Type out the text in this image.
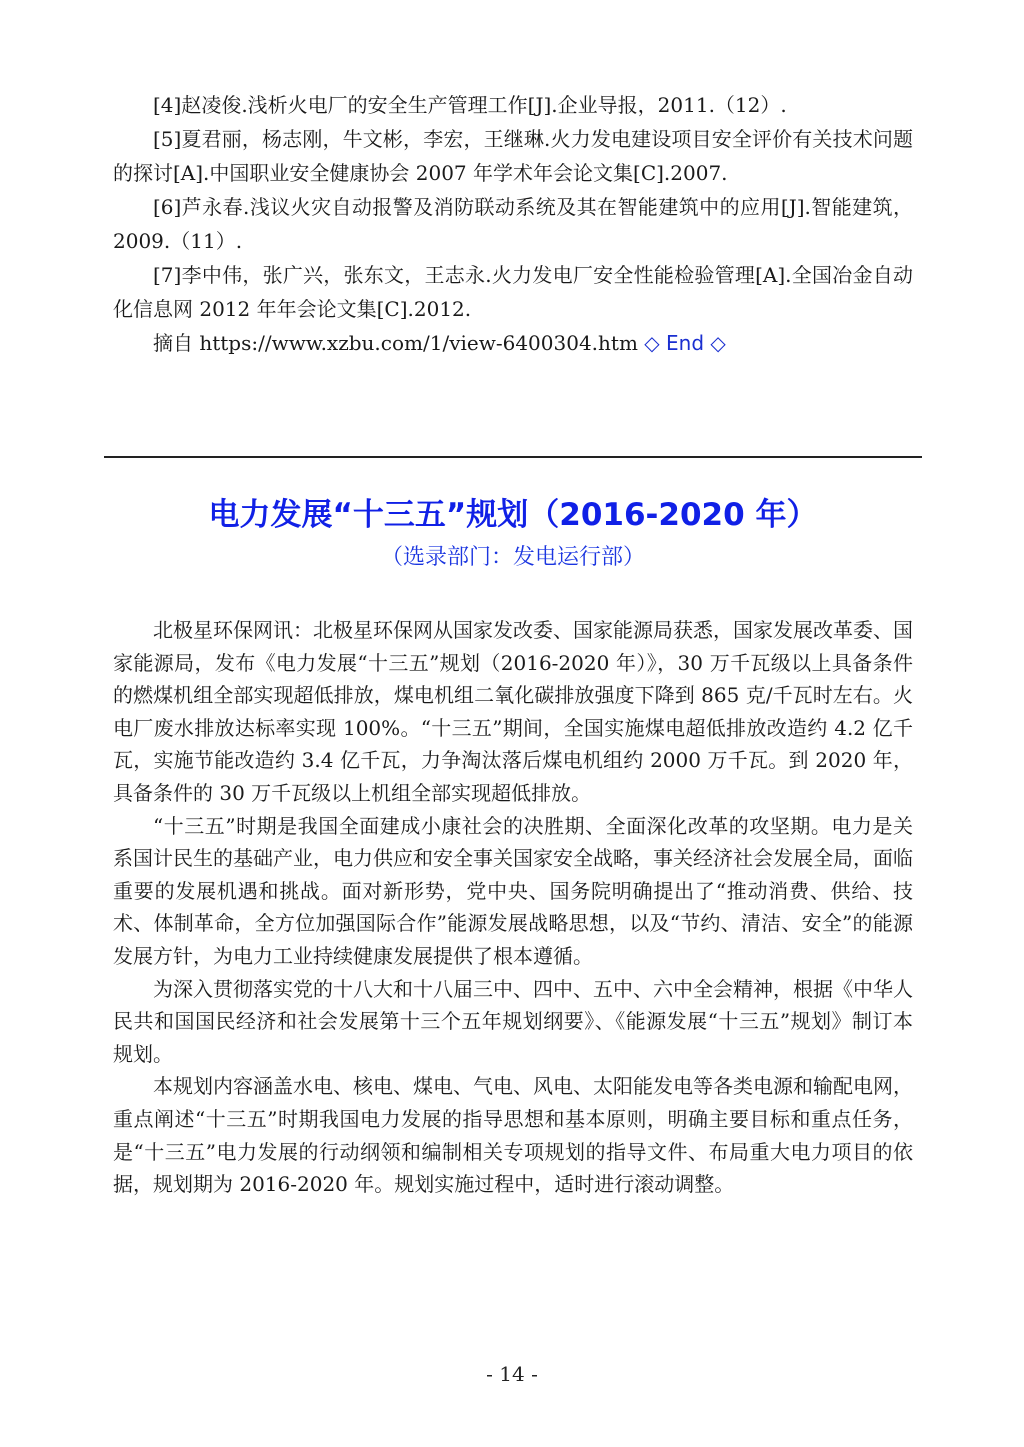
[4]赵凌俊.浅析火电厂的安全生产管理工作[J].企业导报，2011.（12）.

[5]夏君丽，杨志刚，牛文彬，李宏，王继琳.火力发电建设项目安全评价有关技术问题的探讨[A].中国职业安全健康协会 2007 年学术年会论文集[C].2007.

[6]芦永春.浅议火灾自动报警及消防联动系统及其在智能建筑中的应用[J].智能建筑，2009.（11）.

[7]李中伟，张广兴，张东文，王志永.火力发电厂安全性能检验管理[A].全国冶金自动化信息网 2012 年年会论文集[C].2012.

摘自 https://www.xzbu.com/1/view-6400304.htm ◇ End ◇

电力发展“十三五”规划（2016-2020 年）

（选录部门：发电运行部）

北极星环保网讯：北极星环保网从国家发改委、国家能源局获悉，国家发展改革委、国家能源局，发布《电力发展“十三五”规划（2016-2020 年）》，30 万千瓦级以上具备条件的燃煤机组全部实现超低排放，煤电机组二氧化碳排放强度下降到 865 克/千瓦时左右。火电厂废水排放达标率实现 100%。“十三五”期间，全国实施煤电超低排放改造约 4.2 亿千瓦，实施节能改造约 3.4 亿千瓦，力争淘汰落后煤电机组约 2000 万千瓦。到 2020 年，具备条件的 30 万千瓦级以上机组全部实现超低排放。

“十三五”时期是我国全面建成小康社会的决胜期、全面深化改革的攻坚期。电力是关系国计民生的基础产业，电力供应和安全事关国家安全战略，事关经济社会发展全局，面临重要的发展机遇和挑战。面对新形势，党中央、国务院明确提出了“推动消费、供给、技术、体制革命，全方位加强国际合作”能源发展战略思想，以及“节约、清洁、安全”的能源发展方针，为电力工业持续健康发展提供了根本遵循。

为深入贯彻落实党的十八大和十八届三中、四中、五中、六中全会精神，根据《中华人民共和国国民经济和社会发展第十三个五年规划纲要》、《能源发展“十三五”规划》制订本规划。

本规划内容涵盖水电、核电、煤电、气电、风电、太阳能发电等各类电源和输配电网，重点阐述“十三五”时期我国电力发展的指导思想和基本原则，明确主要目标和重点任务，是“十三五”电力发展的行动纲领和编制相关专项规划的指导文件、布局重大电力项目的依据，规划期为 2016-2020 年。规划实施过程中，适时进行滚动调整。

- 14 -
